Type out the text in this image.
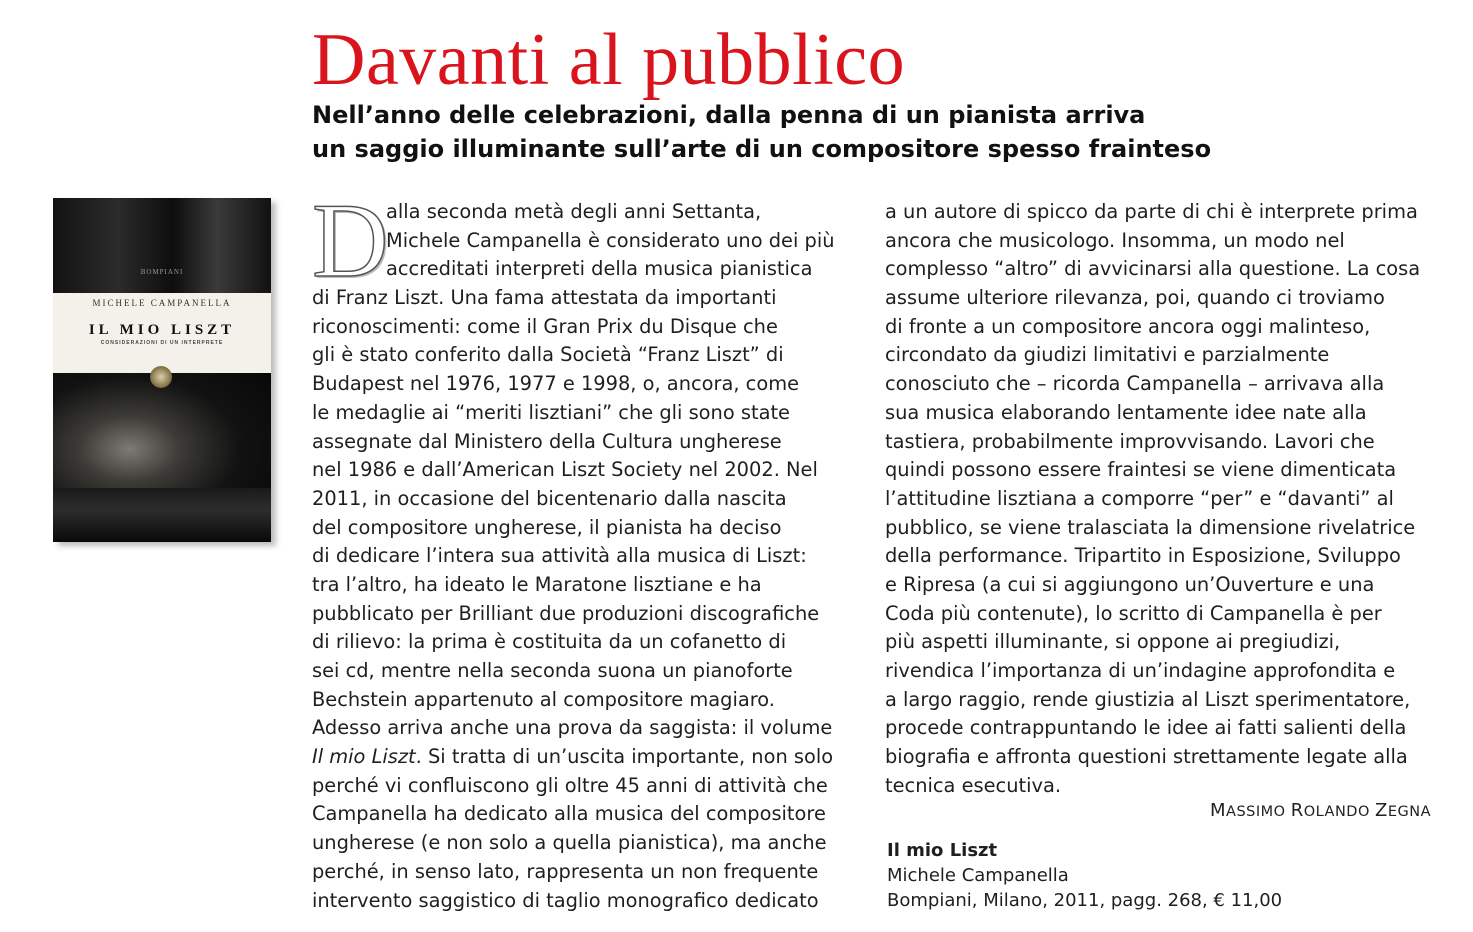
Davanti al pubblico
Nell’anno delle celebrazioni, dalla penna di un pianista arriva
un saggio illuminante sull’arte di un compositore spesso frainteso
BOMPIANI
MICHELE CAMPANELLA
IL MIO LISZT
CONSIDERAZIONI DI UN INTERPRETE
D
alla seconda metà degli anni Settanta,
Michele Campanella è considerato uno dei più
accreditati interpreti della musica pianistica
di Franz Liszt. Una fama attestata da importanti
riconoscimenti: come il Gran Prix du Disque che
gli è stato conferito dalla Società “Franz Liszt” di
Budapest nel 1976, 1977 e 1998, o, ancora, come
le medaglie ai “meriti lisztiani” che gli sono state
assegnate dal Ministero della Cultura ungherese
nel 1986 e dall’American Liszt Society nel 2002. Nel
2011, in occasione del bicentenario dalla nascita
del compositore ungherese, il pianista ha deciso
di dedicare l’intera sua attività alla musica di Liszt:
tra l’altro, ha ideato le Maratone lisztiane e ha
pubblicato per Brilliant due produzioni discografiche
di rilievo: la prima è costituita da un cofanetto di
sei cd, mentre nella seconda suona un pianoforte
Bechstein appartenuto al compositore magiaro.
Adesso arriva anche una prova da saggista: il volume
Il mio Liszt. Si tratta di un’uscita importante, non solo
perché vi confluiscono gli oltre 45 anni di attività che
Campanella ha dedicato alla musica del compositore
ungherese (e non solo a quella pianistica), ma anche
perché, in senso lato, rappresenta un non frequente
intervento saggistico di taglio monografico dedicato
a un autore di spicco da parte di chi è interprete prima
ancora che musicologo. Insomma, un modo nel
complesso “altro” di avvicinarsi alla questione. La cosa
assume ulteriore rilevanza, poi, quando ci troviamo
di fronte a un compositore ancora oggi malinteso,
circondato da giudizi limitativi e parzialmente
conosciuto che – ricorda Campanella – arrivava alla
sua musica elaborando lentamente idee nate alla
tastiera, probabilmente improvvisando. Lavori che
quindi possono essere fraintesi se viene dimenticata
l’attitudine lisztiana a comporre “per” e “davanti” al
pubblico, se viene tralasciata la dimensione rivelatrice
della performance. Tripartito in Esposizione, Sviluppo
e Ripresa (a cui si aggiungono un’Ouverture e una
Coda più contenute), lo scritto di Campanella è per
più aspetti illuminante, si oppone ai pregiudizi,
rivendica l’importanza di un’indagine approfondita e
a largo raggio, rende giustizia al Liszt sperimentatore,
procede contrappuntando le idee ai fatti salienti della
biografia e affronta questioni strettamente legate alla
tecnica esecutiva.
MASSIMO ROLANDO ZEGNA
Il mio Liszt
Michele Campanella
Bompiani, Milano, 2011, pagg. 268, € 11,00
